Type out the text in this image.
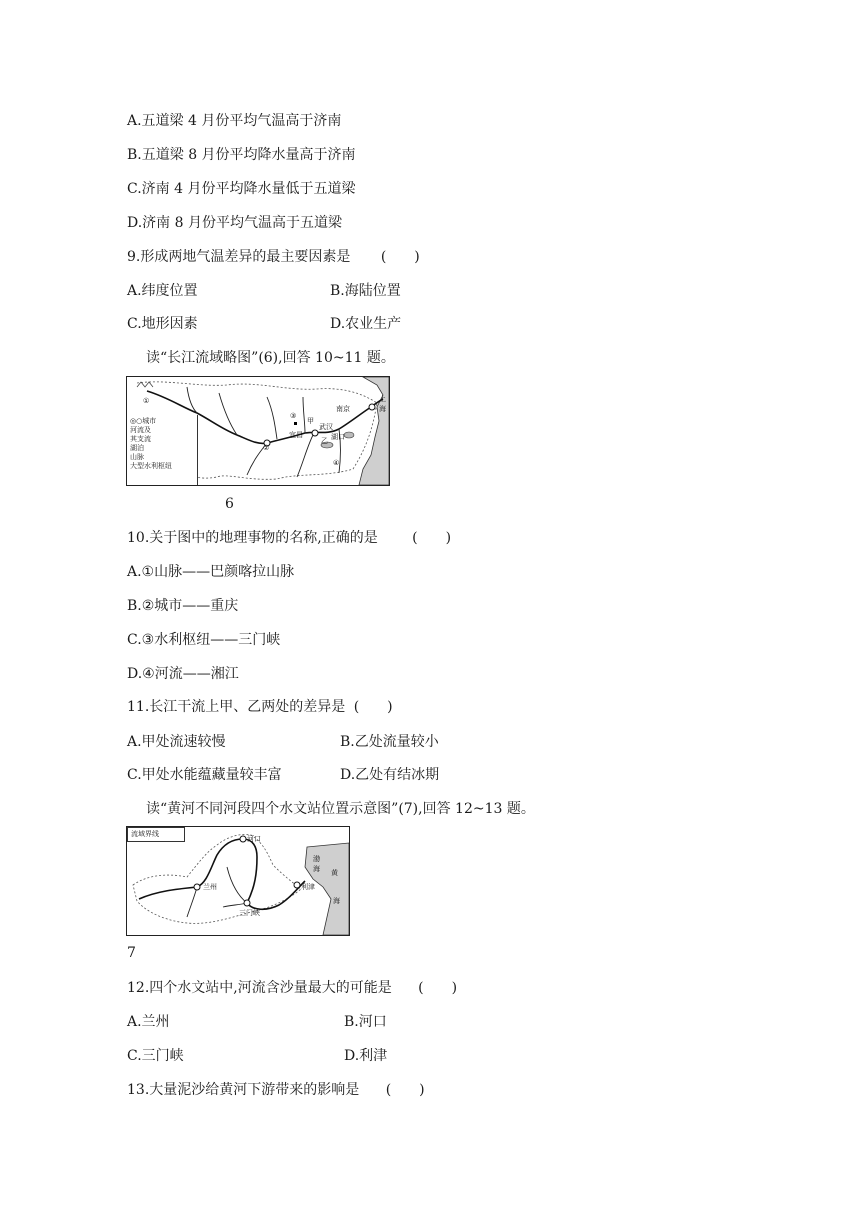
A.五道梁 4 月份平均气温高于济南
B.五道梁 8 月份平均降水量高于济南
C.济南 4 月份平均降水量低于五道梁
D.济南 8 月份平均气温高于五道梁
9.形成两地气温差异的最主要因素是 (　　)
A.纬度位置	B.海陆位置
C.地形因素	D.农业生产
读“长江流域略图”(6),回答 10~11 题。
①
②
③
④
南京
武汉
宜昌	湖口
甲
乙
上
海
◎○城市
河流及
其支流
湖泊
山脉
大型水利枢纽
6
10.关于图中的地理事物的名称,正确的是 (　　)
A.①山脉——巴颜喀拉山脉
B.②城市——重庆
C.③水利枢纽——三门峡
D.④河流——湘江
11.长江干流上甲、乙两处的差异是 (　　)
A.甲处流速较慢	B.乙处流量较小
C.甲处水能蕴藏量较丰富	D.乙处有结冰期
读“黄河不同河段四个水文站位置示意图”(7),回答 12~13 题。
兰州
河口
三门峡
利津
渤
海 黄
海
流域界线
7
12.四个水文站中,河流含沙量最大的可能是 (　　)
A.兰州	B.河口
C.三门峡	D.利津
13.大量泥沙给黄河下游带来的影响是 (　　)
